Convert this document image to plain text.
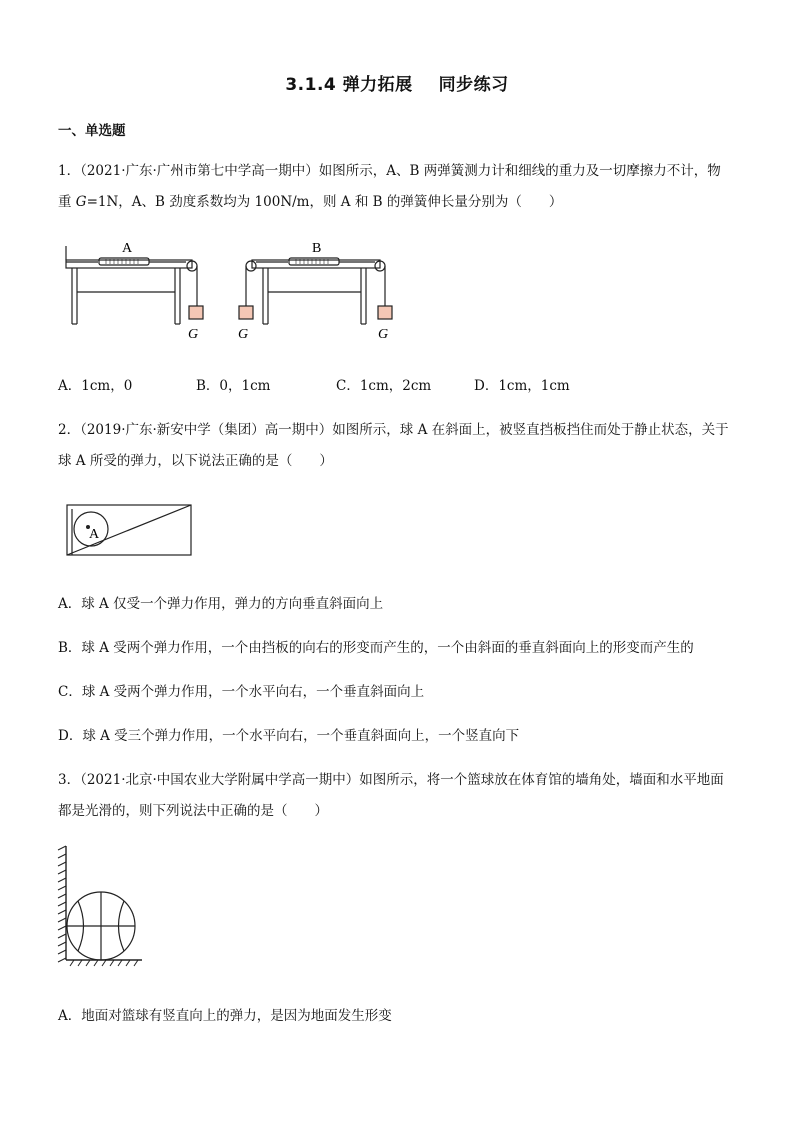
3.1.4 弹力拓展 同步练习
一、单选题
1．（2021·广东·广州市第七中学高一期中）如图所示，A、B 两弹簧测力计和细线的重力及一切摩擦力不计，物
重 G=1N，A、B 劲度系数均为 100N/m，则 A 和 B 的弹簧伸长量分别为（　　）
A	B
G	G	G
A．1cm，0	B．0，1cm	C．1cm，2cm	D．1cm，1cm
2．（2019·广东·新安中学（集团）高一期中）如图所示，球 A 在斜面上，被竖直挡板挡住而处于静止状态，关于
球 A 所受的弹力，以下说法正确的是（　　）
A
A．球 A 仅受一个弹力作用，弹力的方向垂直斜面向上
B．球 A 受两个弹力作用，一个由挡板的向右的形变而产生的，一个由斜面的垂直斜面向上的形变而产生的
C．球 A 受两个弹力作用，一个水平向右，一个垂直斜面向上
D．球 A 受三个弹力作用，一个水平向右，一个垂直斜面向上，一个竖直向下
3．（2021·北京·中国农业大学附属中学高一期中）如图所示，将一个篮球放在体育馆的墙角处，墙面和水平地面
都是光滑的，则下列说法中正确的是（　　）
A．地面对篮球有竖直向上的弹力，是因为地面发生形变
